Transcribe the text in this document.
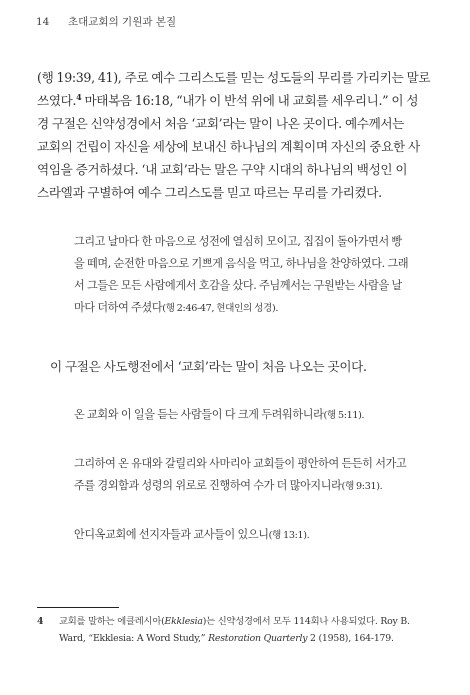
14 초대교회의 기원과 본질
(행 19:39, 41), 주로 예수 그리스도를 믿는 성도들의 무리를 가리키는 말로
쓰였다.$^4$ 마태복음 16:18, “내가 이 반석 위에 내 교회를 세우리니.” 이 성
경 구절은 신약성경에서 처음 ‘교회’라는 말이 나온 곳이다. 예수께서는
교회의 건립이 자신을 세상에 보내신 하나님의 계획이며 자신의 중요한 사
역임을 증거하셨다. ‘내 교회’라는 말은 구약 시대의 하나님의 백성인 이
스라엘과 구별하여 예수 그리스도를 믿고 따르는 무리를 가리켰다.
그리고 날마다 한 마음으로 성전에 열심히 모이고, 집집이 돌아가면서 빵
을 떼며, 순전한 마음으로 기쁘게 음식을 먹고, 하나님을 찬양하였다. 그래
서 그들은 모든 사람에게서 호감을 샀다. 주님께서는 구원받는 사람을 날
마다 더하여 주셨다(행 2:46-47, 현대인의 성경).
이 구절은 사도행전에서 ‘교회’라는 말이 처음 나오는 곳이다.
온 교회와 이 일을 듣는 사람들이 다 크게 두려워하니라(행 5:11).
그리하여 온 유대와 갈릴리와 사마리아 교회들이 평안하여 든든히 서가고
주를 경외함과 성령의 위로로 진행하여 수가 더 많아지니라(행 9:31).
안디옥교회에 선지자들과 교사들이 있으니(행 13:1).
4 교회를 말하는 에클레시아(Ekklesia)는 신약성경에서 모두 114회나 사용되었다. Roy B.
Ward, “Ekklesia: A Word Study,” Restoration Quarterly 2 (1958), 164-179.
